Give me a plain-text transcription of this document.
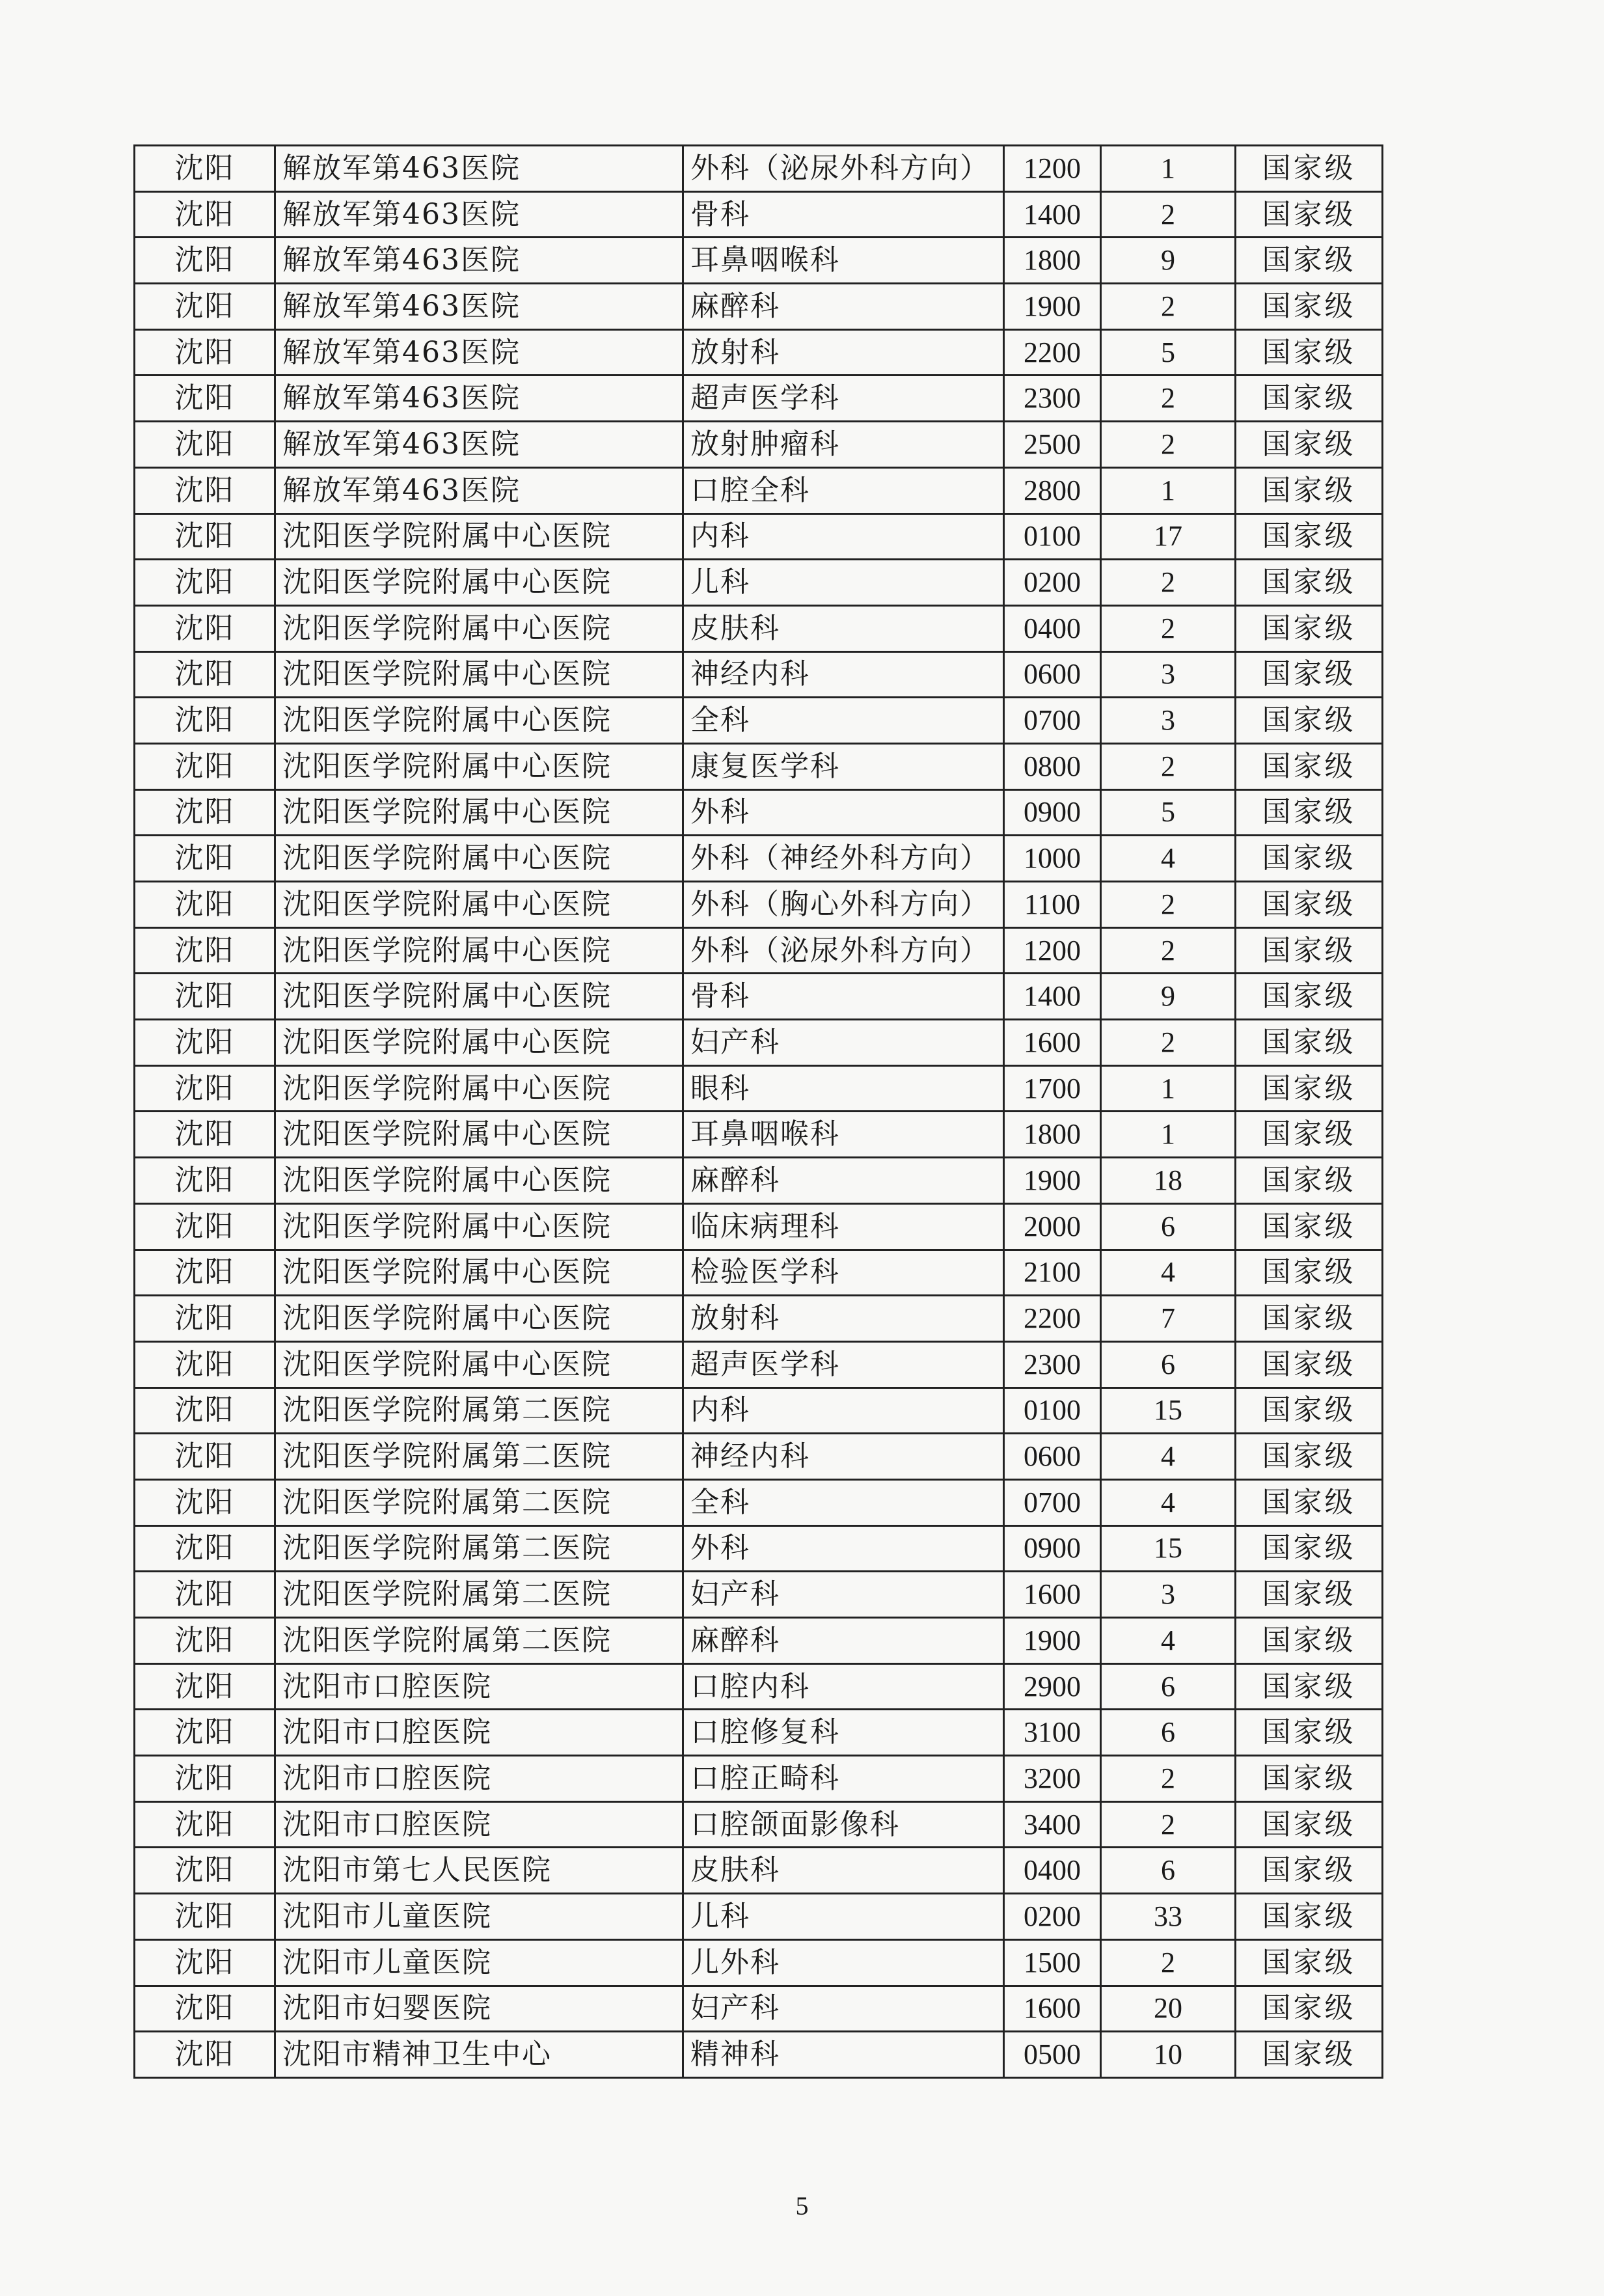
沈阳	解放军第463医院	外科（泌尿外科方向）	1200	1	国家级
沈阳	解放军第463医院	骨科	1400	2	国家级
沈阳	解放军第463医院	耳鼻咽喉科	1800	9	国家级
沈阳	解放军第463医院	麻醉科	1900	2	国家级
沈阳	解放军第463医院	放射科	2200	5	国家级
沈阳	解放军第463医院	超声医学科	2300	2	国家级
沈阳	解放军第463医院	放射肿瘤科	2500	2	国家级
沈阳	解放军第463医院	口腔全科	2800	1	国家级
沈阳	沈阳医学院附属中心医院	内科	0100	17	国家级
沈阳	沈阳医学院附属中心医院	儿科	0200	2	国家级
沈阳	沈阳医学院附属中心医院	皮肤科	0400	2	国家级
沈阳	沈阳医学院附属中心医院	神经内科	0600	3	国家级
沈阳	沈阳医学院附属中心医院	全科	0700	3	国家级
沈阳	沈阳医学院附属中心医院	康复医学科	0800	2	国家级
沈阳	沈阳医学院附属中心医院	外科	0900	5	国家级
沈阳	沈阳医学院附属中心医院	外科（神经外科方向）	1000	4	国家级
沈阳	沈阳医学院附属中心医院	外科（胸心外科方向）	1100	2	国家级
沈阳	沈阳医学院附属中心医院	外科（泌尿外科方向）	1200	2	国家级
沈阳	沈阳医学院附属中心医院	骨科	1400	9	国家级
沈阳	沈阳医学院附属中心医院	妇产科	1600	2	国家级
沈阳	沈阳医学院附属中心医院	眼科	1700	1	国家级
沈阳	沈阳医学院附属中心医院	耳鼻咽喉科	1800	1	国家级
沈阳	沈阳医学院附属中心医院	麻醉科	1900	18	国家级
沈阳	沈阳医学院附属中心医院	临床病理科	2000	6	国家级
沈阳	沈阳医学院附属中心医院	检验医学科	2100	4	国家级
沈阳	沈阳医学院附属中心医院	放射科	2200	7	国家级
沈阳	沈阳医学院附属中心医院	超声医学科	2300	6	国家级
沈阳	沈阳医学院附属第二医院	内科	0100	15	国家级
沈阳	沈阳医学院附属第二医院	神经内科	0600	4	国家级
沈阳	沈阳医学院附属第二医院	全科	0700	4	国家级
沈阳	沈阳医学院附属第二医院	外科	0900	15	国家级
沈阳	沈阳医学院附属第二医院	妇产科	1600	3	国家级
沈阳	沈阳医学院附属第二医院	麻醉科	1900	4	国家级
沈阳	沈阳市口腔医院	口腔内科	2900	6	国家级
沈阳	沈阳市口腔医院	口腔修复科	3100	6	国家级
沈阳	沈阳市口腔医院	口腔正畸科	3200	2	国家级
沈阳	沈阳市口腔医院	口腔颌面影像科	3400	2	国家级
沈阳	沈阳市第七人民医院	皮肤科	0400	6	国家级
沈阳	沈阳市儿童医院	儿科	0200	33	国家级
沈阳	沈阳市儿童医院	儿外科	1500	2	国家级
沈阳	沈阳市妇婴医院	妇产科	1600	20	国家级
沈阳	沈阳市精神卫生中心	精神科	0500	10	国家级
5
